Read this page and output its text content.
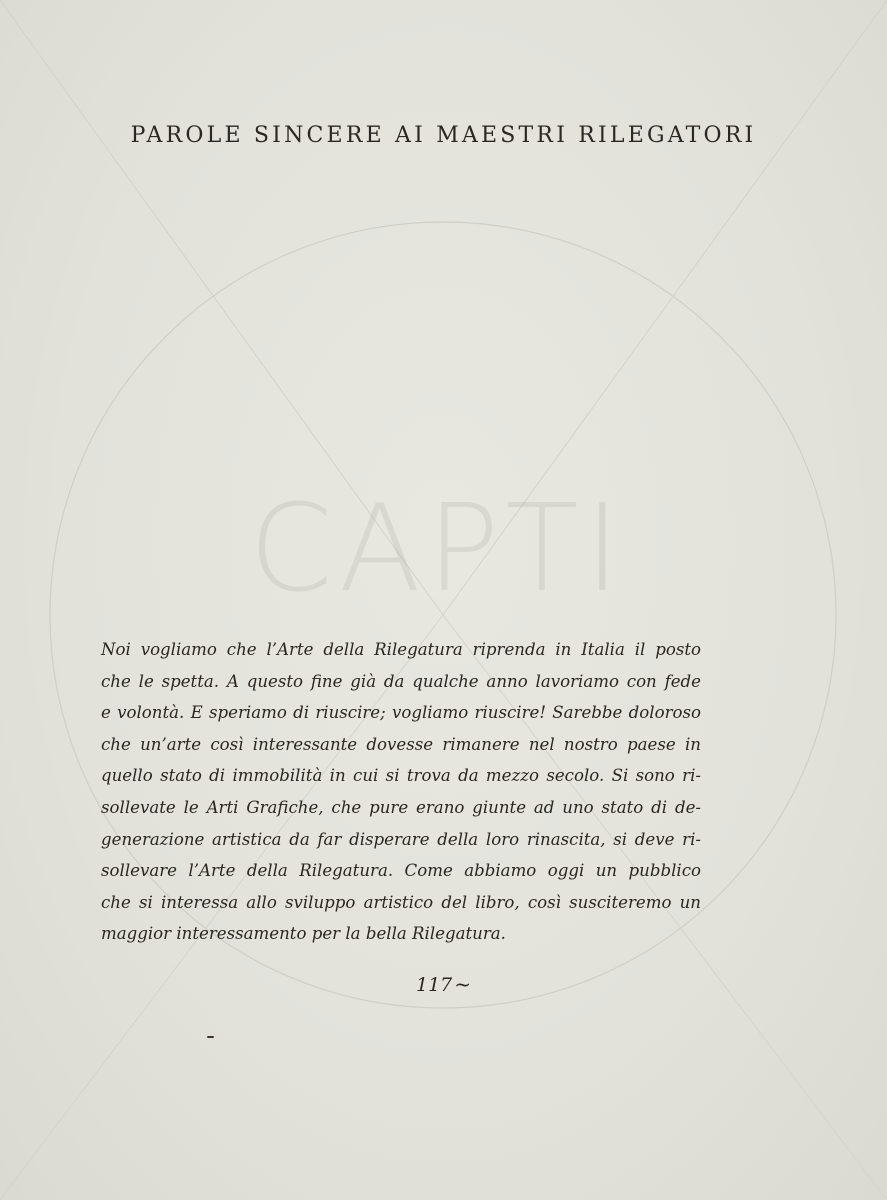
CAPTI
PAROLE SINCERE AI MAESTRI RILEGATORI
Noi vogliamo che l’Arte della Rilegatura riprenda in Italia il posto
che le spetta. A questo fine già da qualche anno lavoriamo con fede
e volontà. E speriamo di riuscire; vogliamo riuscire! Sarebbe doloroso
che un’arte così interessante dovesse rimanere nel nostro paese in
quello stato di immobilità in cui si trova da mezzo secolo. Si sono ri-
sollevate le Arti Grafiche, che pure erano giunte ad uno stato di de-
generazione artistica da far disperare della loro rinascita, si deve ri-
sollevare l’Arte della Rilegatura. Come abbiamo oggi un pubblico
che si interessa allo sviluppo artistico del libro, così susciteremo un
maggior interessamento per la bella Rilegatura.
117 ~
